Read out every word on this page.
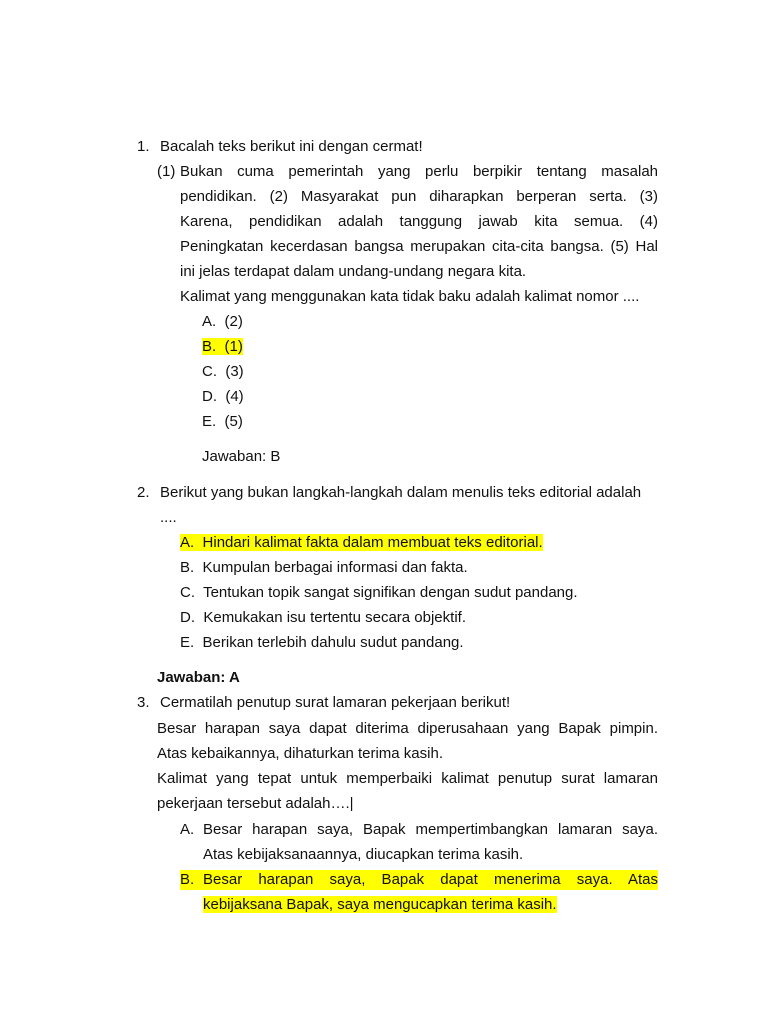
1. Bacalah teks berikut ini dengan cermat!
(1) Bukan cuma pemerintah yang perlu berpikir tentang masalah
pendidikan. (2) Masyarakat pun diharapkan berperan serta. (3)
Karena, pendidikan adalah tanggung jawab kita semua. (4)
Peningkatan kecerdasan bangsa merupakan cita-cita bangsa. (5) Hal
ini jelas terdapat dalam undang-undang negara kita.
Kalimat yang menggunakan kata tidak baku adalah kalimat nomor ....
A. (2)
B. (1)
C. (3)
D. (4)
E. (5)
Jawaban: B
2. Berikut yang bukan langkah-langkah dalam menulis teks editorial adalah
....
A. Hindari kalimat fakta dalam membuat teks editorial.
B. Kumpulan berbagai informasi dan fakta.
C. Tentukan topik sangat signifikan dengan sudut pandang.
D. Kemukakan isu tertentu secara objektif.
E. Berikan terlebih dahulu sudut pandang.
Jawaban: A
3. Cermatilah penutup surat lamaran pekerjaan berikut!
Besar harapan saya dapat diterima diperusahaan yang Bapak pimpin.
Atas kebaikannya, dihaturkan terima kasih.
Kalimat yang tepat untuk memperbaiki kalimat penutup surat lamaran
pekerjaan tersebut adalah….|
A. Besar harapan saya, Bapak mempertimbangkan lamaran saya.
Atas kebijaksanaannya, diucapkan terima kasih.
B. Besar harapan saya, Bapak dapat menerima saya. Atas
kebijaksana Bapak, saya mengucapkan terima kasih.
